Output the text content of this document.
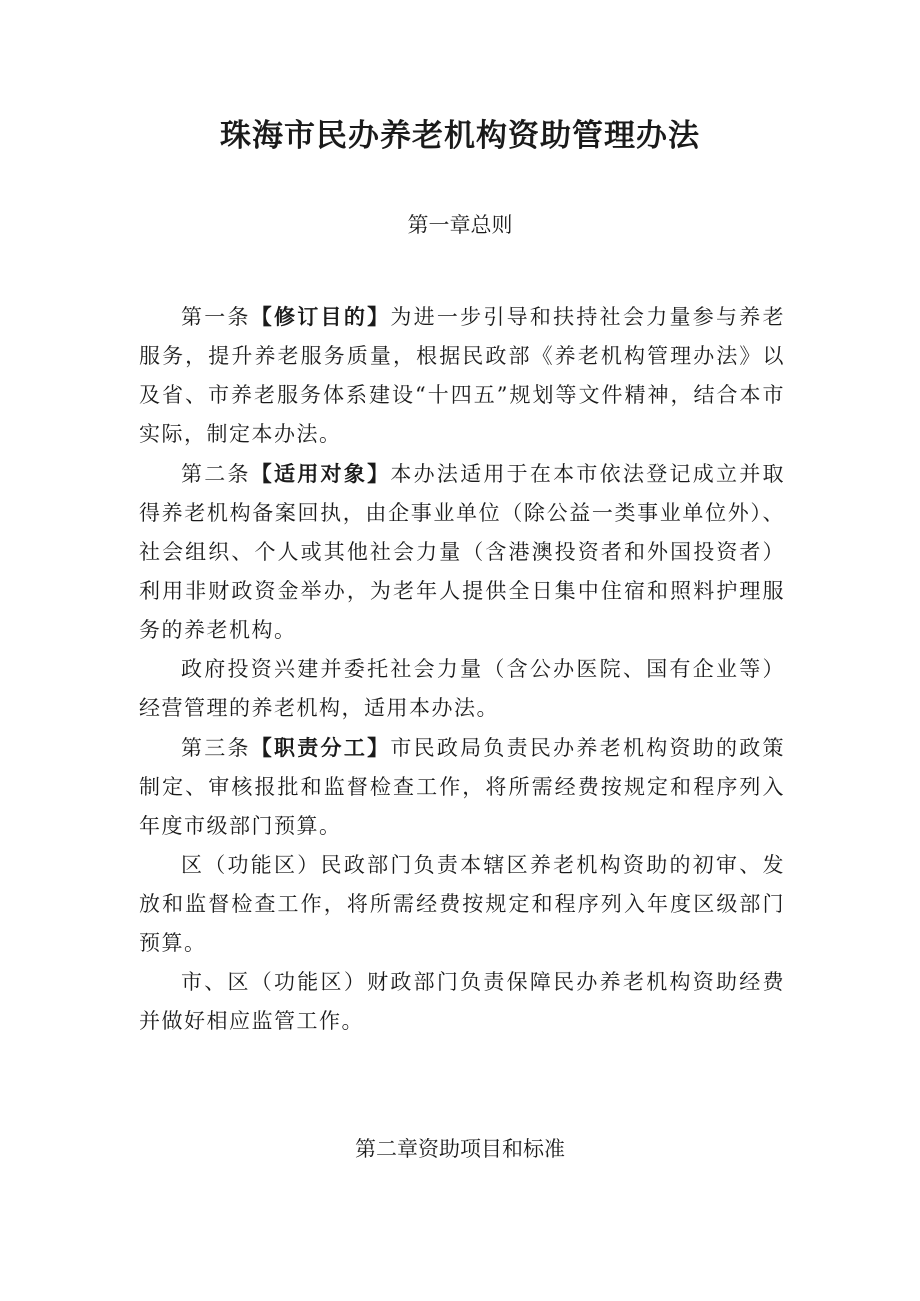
珠海市民办养老机构资助管理办法
第一章总则

第一条【修订目的】为进一步引导和扶持社会力量参与养老服务，提升养老服务质量，根据民政部《养老机构管理办法》以及省、市养老服务体系建设“十四五”规划等文件精神，结合本市实际，制定本办法。

第二条【适用对象】本办法适用于在本市依法登记成立并取得养老机构备案回执，由企事业单位（除公益一类事业单位外）、社会组织、个人或其他社会力量（含港澳投资者和外国投资者）利用非财政资金举办，为老年人提供全日集中住宿和照料护理服务的养老机构。

政府投资兴建并委托社会力量（含公办医院、国有企业等）经营管理的养老机构，适用本办法。

第三条【职责分工】市民政局负责民办养老机构资助的政策制定、审核报批和监督检查工作，将所需经费按规定和程序列入年度市级部门预算。

区（功能区）民政部门负责本辖区养老机构资助的初审、发放和监督检查工作，将所需经费按规定和程序列入年度区级部门预算。

市、区（功能区）财政部门负责保障民办养老机构资助经费并做好相应监管工作。

第二章资助项目和标准
